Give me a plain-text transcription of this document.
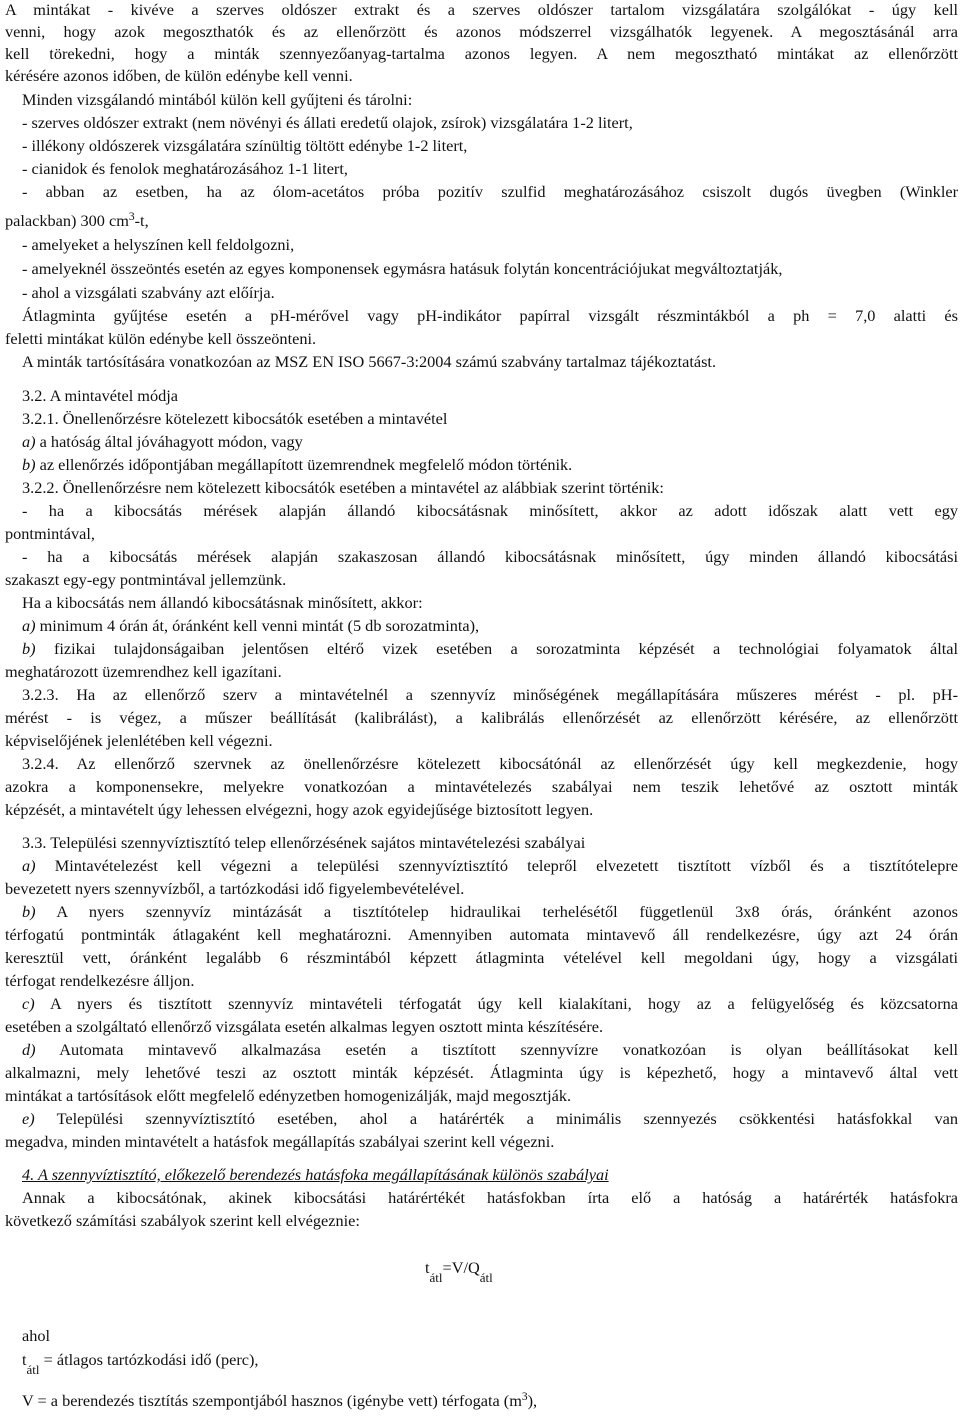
A mintákat - kivéve a szerves oldószer extrakt és a szerves oldószer tartalom vizsgálatára szolgálókat - úgy kell
venni, hogy azok megoszthatók és az ellenőrzött és azonos módszerrel vizsgálhatók legyenek. A megosztásánál arra
kell törekedni, hogy a minták szennyezőanyag-tartalma azonos legyen. A nem megosztható mintákat az ellenőrzött
kérésére azonos időben, de külön edénybe kell venni.
Minden vizsgálandó mintából külön kell gyűjteni és tárolni:
- szerves oldószer extrakt (nem növényi és állati eredetű olajok, zsírok) vizsgálatára 1-2 litert,
- illékony oldószerek vizsgálatára színültig töltött edénybe 1-2 litert,
- cianidok és fenolok meghatározásához 1-1 litert,
- abban az esetben, ha az ólom-acetátos próba pozitív szulfid meghatározásához csiszolt dugós üvegben (Winkler
palackban) 300 $cm^3-t$,
- amelyeket a helyszínen kell feldolgozni,
- amelyeknél összeöntés esetén az egyes komponensek egymásra hatásuk folytán koncentrációjukat megváltoztatják,
- ahol a vizsgálati szabvány azt előírja.
Átlagminta gyűjtése esetén a pH-mérővel vagy pH-indikátor papírral vizsgált részmintákból a ph = 7,0 alatti és
feletti mintákat külön edénybe kell összeönteni.
A minták tartósítására vonatkozóan az MSZ EN ISO 5667-3:2004 számú szabvány tartalmaz tájékoztatást.
3.2. A mintavétel módja
3.2.1. Önellenőrzésre kötelezett kibocsátók esetében a mintavétel
a) a hatóság által jóváhagyott módon, vagy
b) az ellenőrzés időpontjában megállapított üzemrendnek megfelelő módon történik.
3.2.2. Önellenőrzésre nem kötelezett kibocsátók esetében a mintavétel az alábbiak szerint történik:
- ha a kibocsátás mérések alapján állandó kibocsátásnak minősített, akkor az adott időszak alatt vett egy
pontmintával,
- ha a kibocsátás mérések alapján szakaszosan állandó kibocsátásnak minősített, úgy minden állandó kibocsátási
szakaszt egy-egy pontmintával jellemzünk.
Ha a kibocsátás nem állandó kibocsátásnak minősített, akkor:
a) minimum 4 órán át, óránként kell venni mintát (5 db sorozatminta),
b) fizikai tulajdonságaiban jelentősen eltérő vizek esetében a sorozatminta képzését a technológiai folyamatok által
meghatározott üzemrendhez kell igazítani.
3.2.3. Ha az ellenőrző szerv a mintavételnél a szennyvíz minőségének megállapítására műszeres mérést - pl. pH-
mérést - is végez, a műszer beállítását (kalibrálást), a kalibrálás ellenőrzését az ellenőrzött kérésére, az ellenőrzött
képviselőjének jelenlétében kell végezni.
3.2.4. Az ellenőrző szervnek az önellenőrzésre kötelezett kibocsátónál az ellenőrzését úgy kell megkezdenie, hogy
azokra a komponensekre, melyekre vonatkozóan a mintavételezés szabályai nem teszik lehetővé az osztott minták
képzését, a mintavételt úgy lehessen elvégezni, hogy azok egyidejűsége biztosított legyen.
3.3. Települési szennyvíztisztító telep ellenőrzésének sajátos mintavételezési szabályai
a) Mintavételezést kell végezni a települési szennyvíztisztító telepről elvezetett tisztított vízből és a tisztítótelepre
bevezetett nyers szennyvízből, a tartózkodási idő figyelembevételével.
b) A nyers szennyvíz mintázását a tisztítótelep hidraulikai terhelésétől függetlenül 3x8 órás, óránként azonos
térfogatú pontminták átlagaként kell meghatározni. Amennyiben automata mintavevő áll rendelkezésre, úgy azt 24 órán
keresztül vett, óránként legalább 6 részmintából képzett átlagminta vételével kell megoldani úgy, hogy a vizsgálati
térfogat rendelkezésre álljon.
c) A nyers és tisztított szennyvíz mintavételi térfogatát úgy kell kialakítani, hogy az a felügyelőség és közcsatorna
esetében a szolgáltató ellenőrző vizsgálata esetén alkalmas legyen osztott minta készítésére.
d) Automata mintavevő alkalmazása esetén a tisztított szennyvízre vonatkozóan is olyan beállításokat kell
alkalmazni, mely lehetővé teszi az osztott minták képzését. Átlagminta úgy is képezhető, hogy a mintavevő által vett
mintákat a tartósítások előtt megfelelő edényzetben homogenizálják, majd megosztják.
e) Települési szennyvíztisztító esetében, ahol a határérték a minimális szennyezés csökkentési hatásfokkal van
megadva, minden mintavételt a hatásfok megállapítás szabályai szerint kell végezni.
4. A szennyvíztisztító, előkezelő berendezés hatásfoka megállapításának különös szabályai
Annak a kibocsátónak, akinek kibocsátási határértékét hatásfokban írta elő a hatóság a határérték hatásfokra
következő számítási szabályok szerint kell elvégeznie:
$t_{átl}=V/Q_{átl}$
ahol
$t_{átl}$ = átlagos tartózkodási idő (perc),
V = a berendezés tisztítás szempontjából hasznos (igénybe vett) térfogata $(m^3)$,
